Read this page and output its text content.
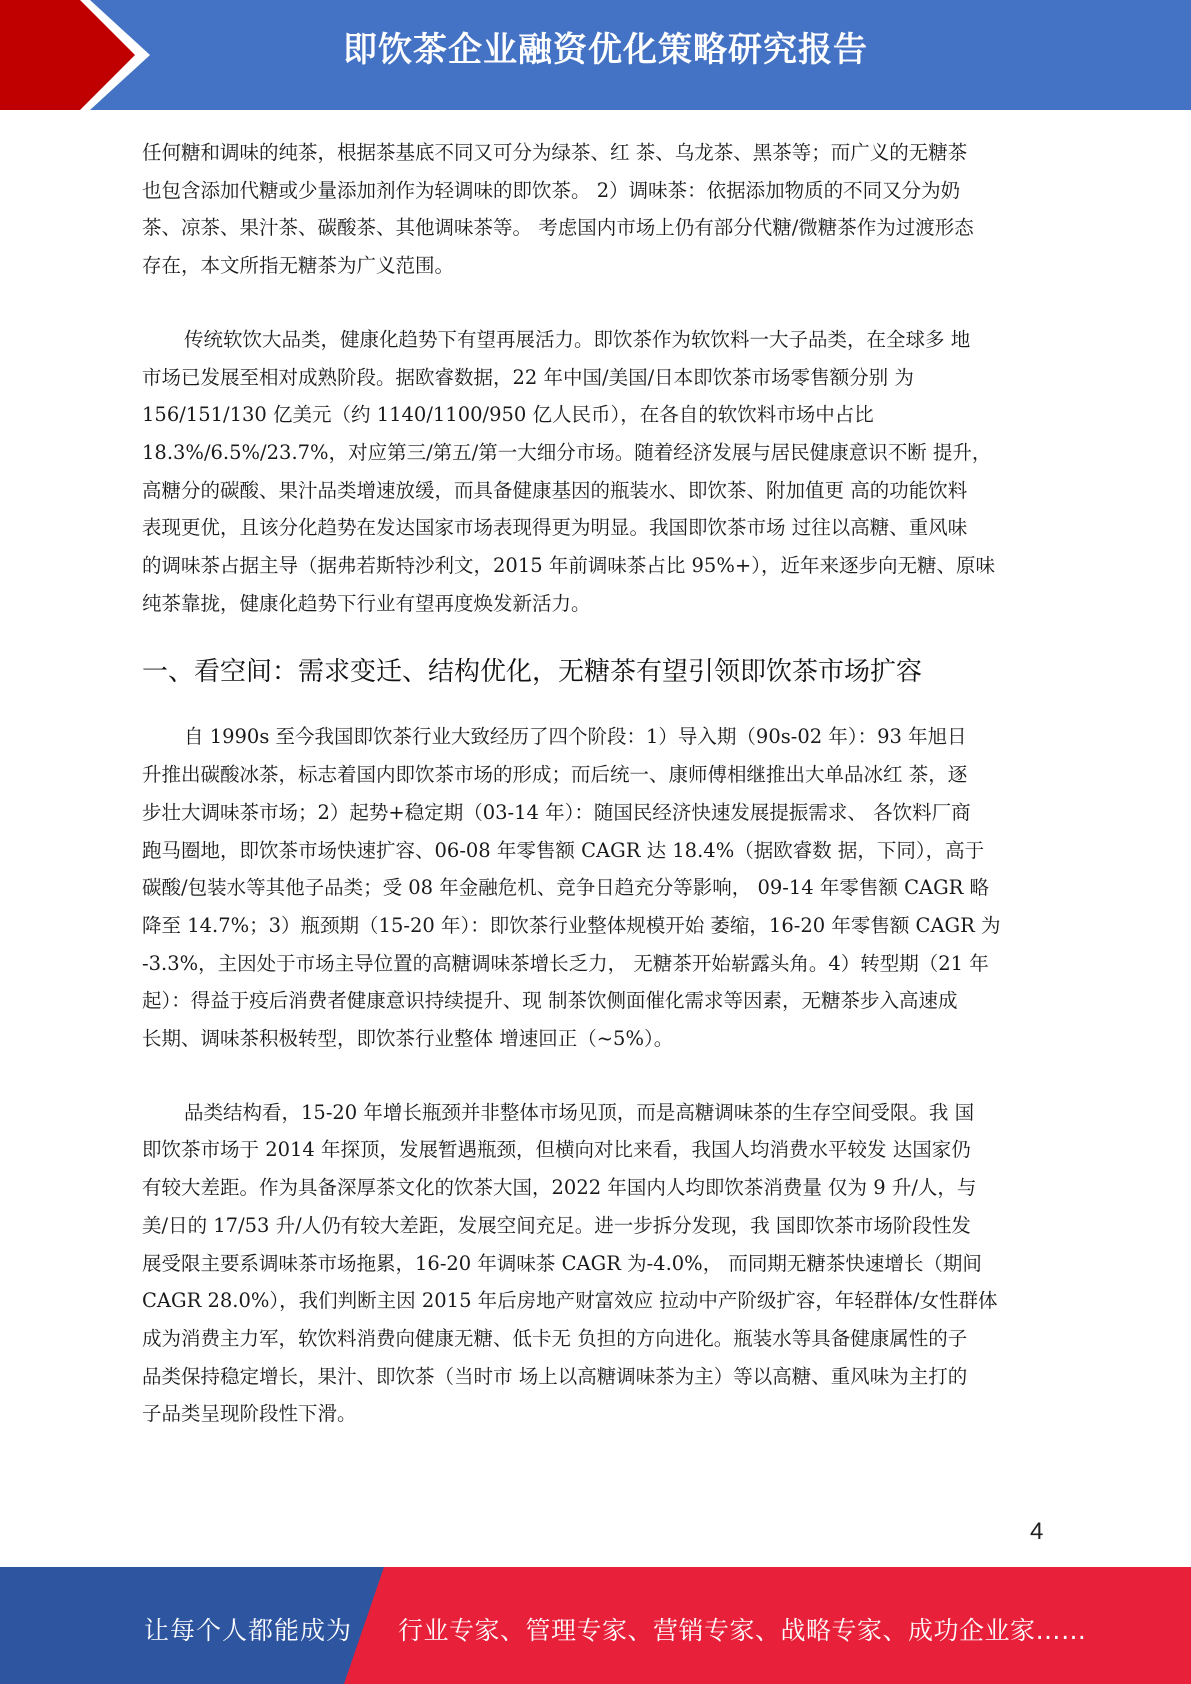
即饮茶企业融资优化策略研究报告

任何糖和调味的纯茶，根据茶基底不同又可分为绿茶、红 茶、乌龙茶、黑茶等；而广义的无糖茶

也包含添加代糖或少量添加剂作为轻调味的即饮茶。 2）调味茶：依据添加物质的不同又分为奶

茶、凉茶、果汁茶、碳酸茶、其他调味茶等。 考虑国内市场上仍有部分代糖/微糖茶作为过渡形态

存在，本文所指无糖茶为广义范围。

传统软饮大品类，健康化趋势下有望再展活力。即饮茶作为软饮料一大子品类，在全球多 地

市场已发展至相对成熟阶段。据欧睿数据，22 年中国/美国/日本即饮茶市场零售额分别 为

156/151/130 亿美元（约 1140/1100/950 亿人民币），在各自的软饮料市场中占比

18.3%/6.5%/23.7%，对应第三/第五/第一大细分市场。随着经济发展与居民健康意识不断 提升，

高糖分的碳酸、果汁品类增速放缓，而具备健康基因的瓶装水、即饮茶、附加值更 高的功能饮料

表现更优，且该分化趋势在发达国家市场表现得更为明显。我国即饮茶市场 过往以高糖、重风味

的调味茶占据主导（据弗若斯特沙利文，2015 年前调味茶占比 95%+），近年来逐步向无糖、原味

纯茶靠拢，健康化趋势下行业有望再度焕发新活力。

一、看空间：需求变迁、结构优化，无糖茶有望引领即饮茶市场扩容

自 1990s 至今我国即饮茶行业大致经历了四个阶段：1）导入期（90s-02 年）：93 年旭日

升推出碳酸冰茶，标志着国内即饮茶市场的形成；而后统一、康师傅相继推出大单品冰红 茶，逐

步壮大调味茶市场；2）起势+稳定期（03-14 年）：随国民经济快速发展提振需求、 各饮料厂商

跑马圈地，即饮茶市场快速扩容、06-08 年零售额 CAGR 达 18.4%（据欧睿数 据，下同），高于

碳酸/包装水等其他子品类；受 08 年金融危机、竞争日趋充分等影响， 09-14 年零售额 CAGR 略

降至 14.7%；3）瓶颈期（15-20 年）：即饮茶行业整体规模开始 萎缩，16-20 年零售额 CAGR 为

-3.3%，主因处于市场主导位置的高糖调味茶增长乏力， 无糖茶开始崭露头角。4）转型期（21 年

起）：得益于疫后消费者健康意识持续提升、现 制茶饮侧面催化需求等因素，无糖茶步入高速成

长期、调味茶积极转型，即饮茶行业整体 增速回正（~5%）。

品类结构看，15-20 年增长瓶颈并非整体市场见顶，而是高糖调味茶的生存空间受限。我 国

即饮茶市场于 2014 年探顶，发展暂遇瓶颈，但横向对比来看，我国人均消费水平较发 达国家仍

有较大差距。作为具备深厚茶文化的饮茶大国，2022 年国内人均即饮茶消费量 仅为 9 升/人，与

美/日的 17/53 升/人仍有较大差距，发展空间充足。进一步拆分发现，我 国即饮茶市场阶段性发

展受限主要系调味茶市场拖累，16-20 年调味茶 CAGR 为-4.0%， 而同期无糖茶快速增长（期间

CAGR 28.0%），我们判断主因 2015 年后房地产财富效应 拉动中产阶级扩容，年轻群体/女性群体

成为消费主力军，软饮料消费向健康无糖、低卡无 负担的方向进化。瓶装水等具备健康属性的子

品类保持稳定增长，果汁、即饮茶（当时市 场上以高糖调味茶为主）等以高糖、重风味为主打的

子品类呈现阶段性下滑。

4
让每个人都能成为 行业专家、管理专家、营销专家、战略专家、成功企业家……
